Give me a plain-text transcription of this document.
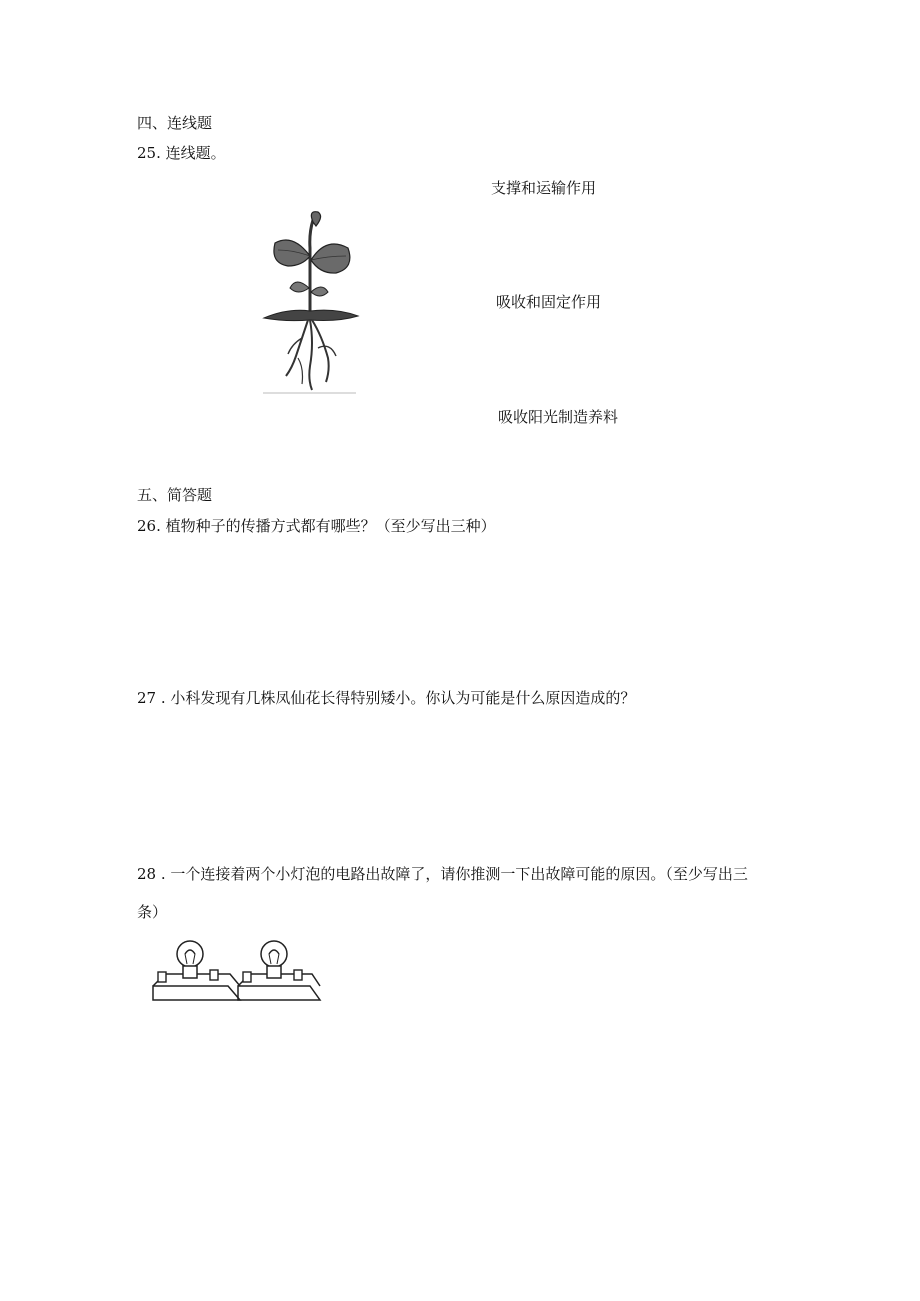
四、连线题
25. 连线题。
支撑和运输作用
吸收和固定作用
吸收阳光制造养料
五、简答题
26. 植物种子的传播方式都有哪些？（至少写出三种）
27 . 小科发现有几株凤仙花长得特别矮小。你认为可能是什么原因造成的？
28 . 一个连接着两个小灯泡的电路出故障了，请你推测一下出故障可能的原因。（至少写出三
条）
